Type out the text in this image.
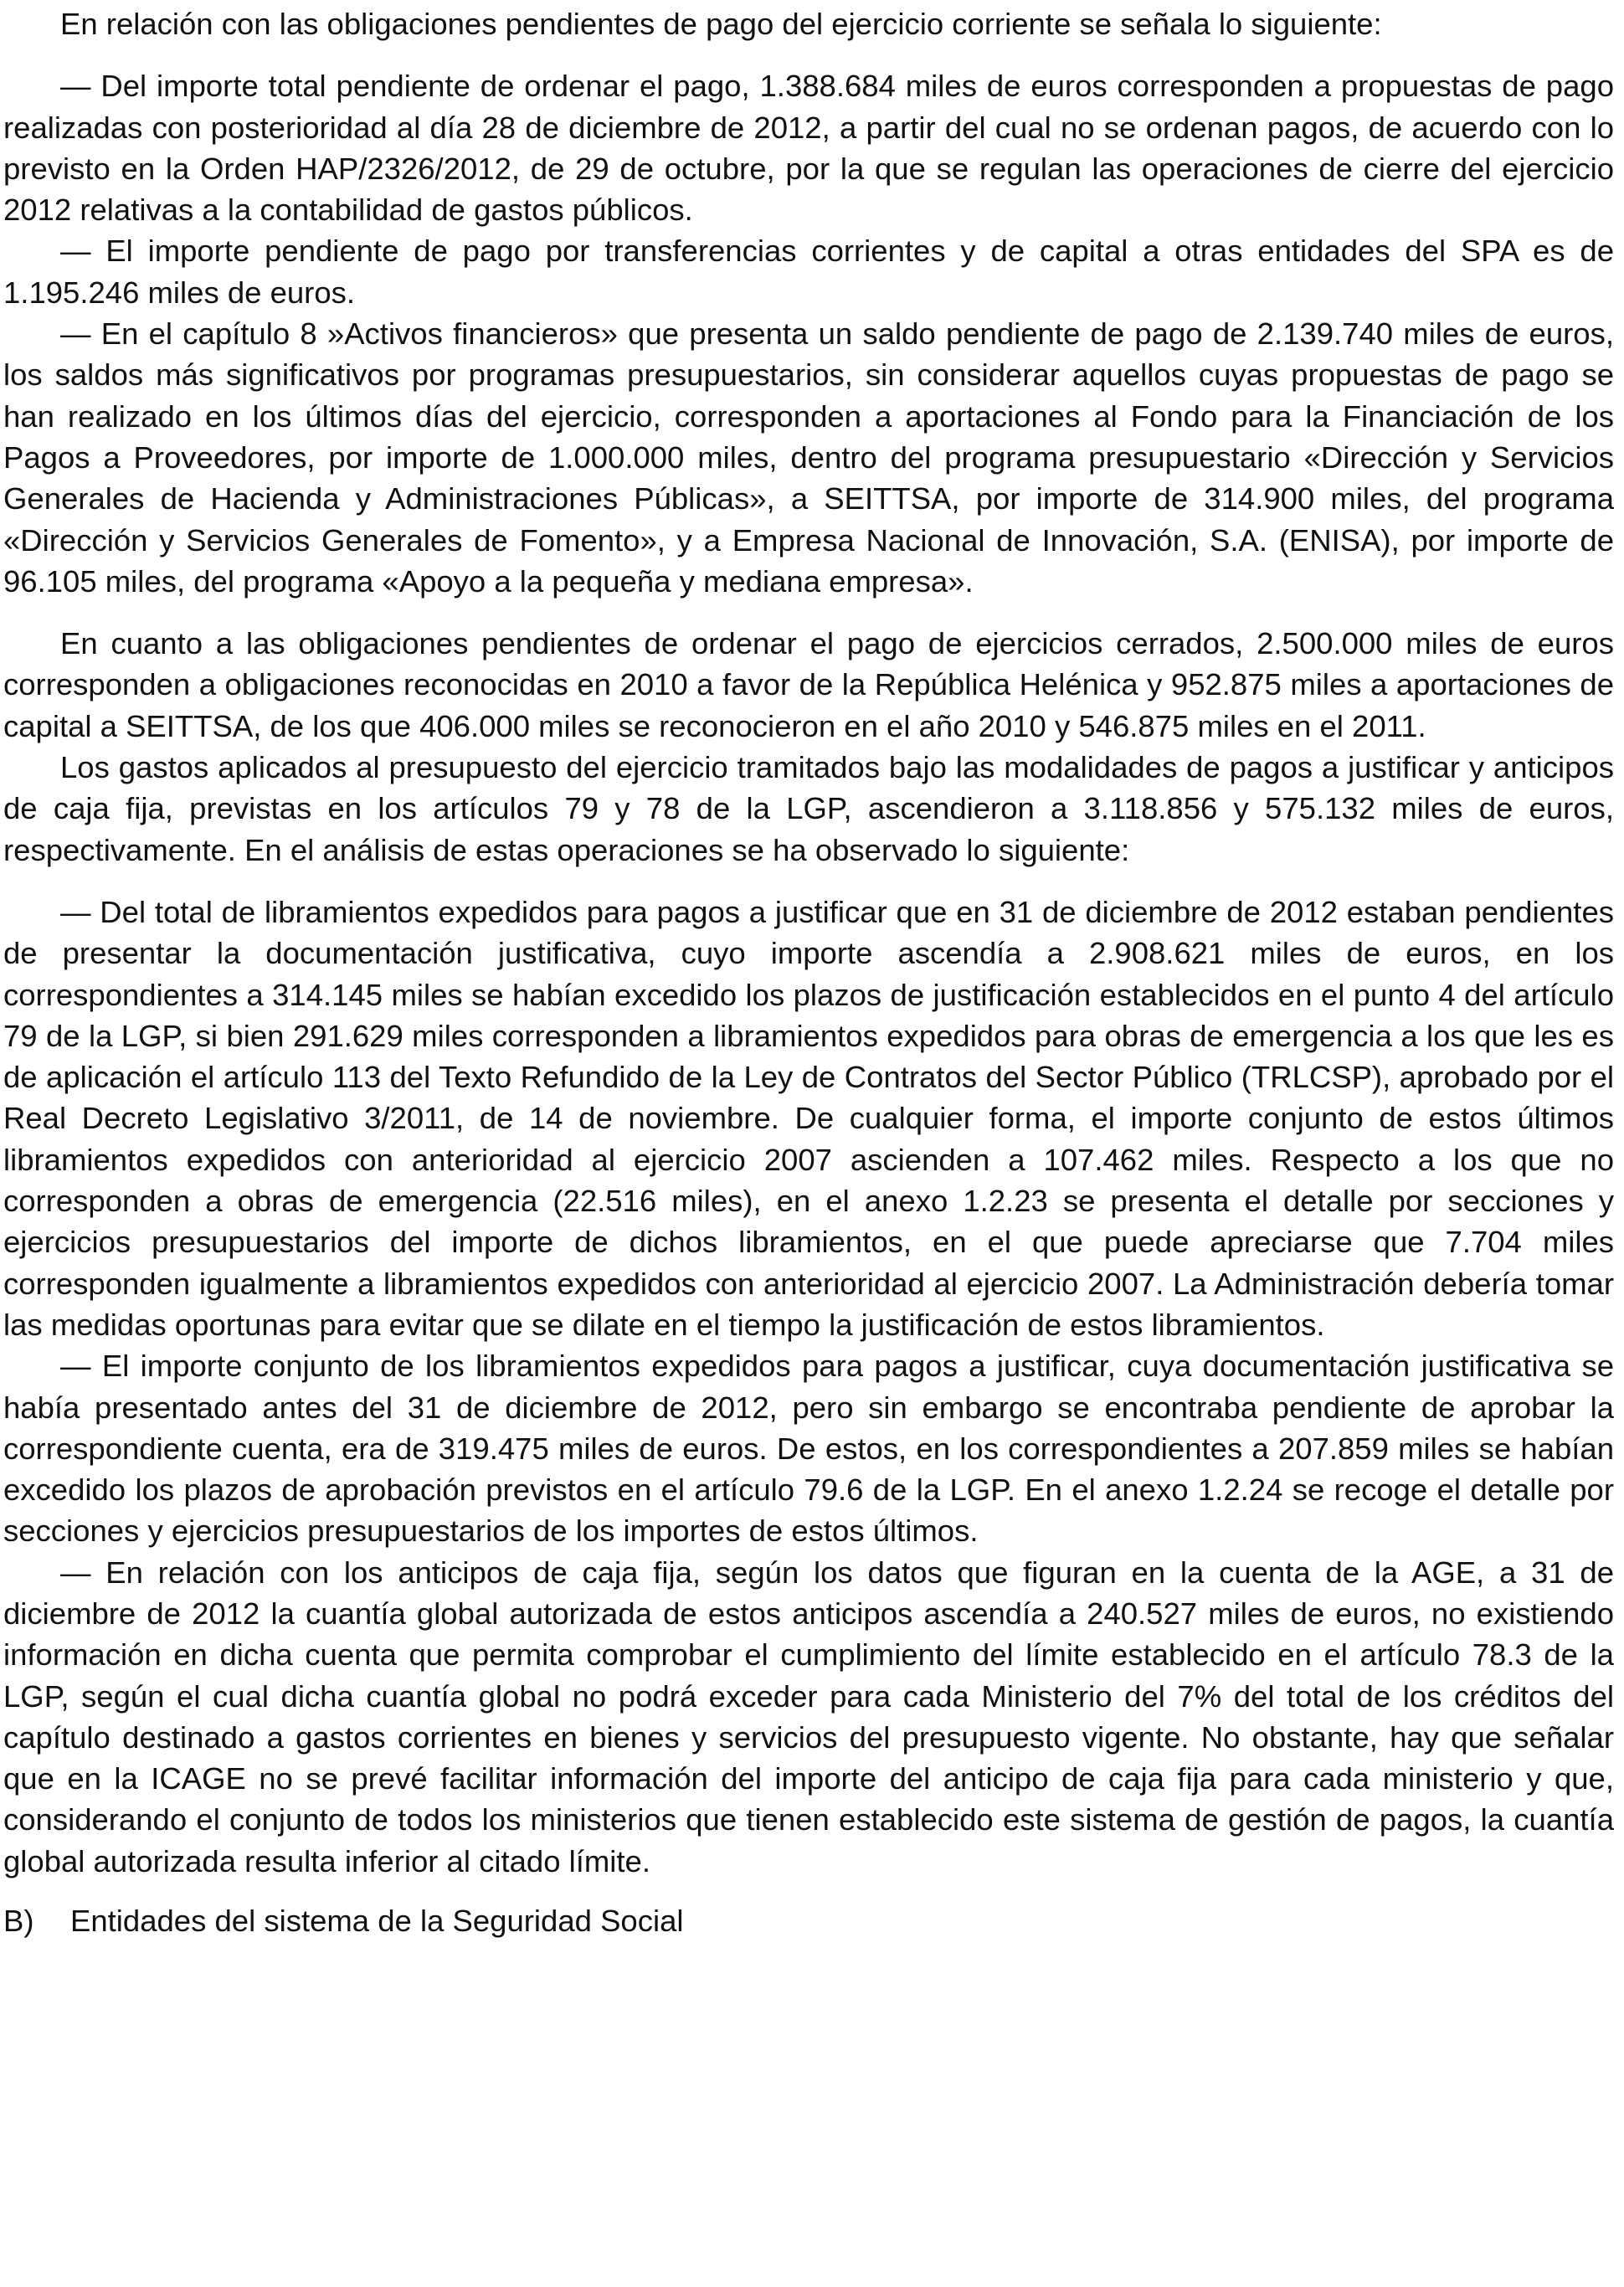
En relación con las obligaciones pendientes de pago del ejercicio corriente se señala lo siguiente:

— Del importe total pendiente de ordenar el pago, 1.388.684 miles de euros corresponden a propuestas de pago realizadas con posterioridad al día 28 de diciembre de 2012, a partir del cual no se ordenan pagos, de acuerdo con lo previsto en la Orden HAP/2326/2012, de 29 de octubre, por la que se regulan las operaciones de cierre del ejercicio 2012 relativas a la contabilidad de gastos públicos.

— El importe pendiente de pago por transferencias corrientes y de capital a otras entidades del SPA es de 1.195.246 miles de euros.

— En el capítulo 8 »Activos financieros» que presenta un saldo pendiente de pago de 2.139.740 miles de euros, los saldos más significativos por programas presupuestarios, sin considerar aquellos cuyas propuestas de pago se han realizado en los últimos días del ejercicio, corresponden a aportaciones al Fondo para la Financiación de los Pagos a Proveedores, por importe de 1.000.000 miles, dentro del programa presupuestario «Dirección y Servicios Generales de Hacienda y Administraciones Públicas», a SEITTSA, por importe de 314.900 miles, del programa «Dirección y Servicios Generales de Fomento», y a Empresa Nacional de Innovación, S.A. (ENISA), por importe de 96.105 miles, del programa «Apoyo a la pequeña y mediana empresa».

En cuanto a las obligaciones pendientes de ordenar el pago de ejercicios cerrados, 2.500.000 miles de euros corresponden a obligaciones reconocidas en 2010 a favor de la República Helénica y 952.875 miles a aportaciones de capital a SEITTSA, de los que 406.000 miles se reconocieron en el año 2010 y 546.875 miles en el 2011.

Los gastos aplicados al presupuesto del ejercicio tramitados bajo las modalidades de pagos a justificar y anticipos de caja fija, previstas en los artículos 79 y 78 de la LGP, ascendieron a 3.118.856 y 575.132 miles de euros, respectivamente. En el análisis de estas operaciones se ha observado lo siguiente:

— Del total de libramientos expedidos para pagos a justificar que en 31 de diciembre de 2012 estaban pendientes de presentar la documentación justificativa, cuyo importe ascendía a 2.908.621 miles de euros, en los correspondientes a 314.145 miles se habían excedido los plazos de justificación establecidos en el punto 4 del artículo 79 de la LGP, si bien 291.629 miles corresponden a libramientos expedidos para obras de emergencia a los que les es de aplicación el artículo 113 del Texto Refundido de la Ley de Contratos del Sector Público (TRLCSP), aprobado por el Real Decreto Legislativo 3/2011, de 14 de noviembre. De cualquier forma, el importe conjunto de estos últimos libramientos expedidos con anterioridad al ejercicio 2007 ascienden a 107.462 miles. Respecto a los que no corresponden a obras de emergencia (22.516 miles), en el anexo 1.2.23 se presenta el detalle por secciones y ejercicios presupuestarios del importe de dichos libramientos, en el que puede apreciarse que 7.704 miles corresponden igualmente a libramientos expedidos con anterioridad al ejercicio 2007. La Administración debería tomar las medidas oportunas para evitar que se dilate en el tiempo la justificación de estos libramientos.

— El importe conjunto de los libramientos expedidos para pagos a justificar, cuya documentación justificativa se había presentado antes del 31 de diciembre de 2012, pero sin embargo se encontraba pendiente de aprobar la correspondiente cuenta, era de 319.475 miles de euros. De estos, en los correspondientes a 207.859 miles se habían excedido los plazos de aprobación previstos en el artículo 79.6 de la LGP. En el anexo 1.2.24 se recoge el detalle por secciones y ejercicios presupuestarios de los importes de estos últimos.

— En relación con los anticipos de caja fija, según los datos que figuran en la cuenta de la AGE, a 31 de diciembre de 2012 la cuantía global autorizada de estos anticipos ascendía a 240.527 miles de euros, no existiendo información en dicha cuenta que permita comprobar el cumplimiento del límite establecido en el artículo 78.3 de la LGP, según el cual dicha cuantía global no podrá exceder para cada Ministerio del 7% del total de los créditos del capítulo destinado a gastos corrientes en bienes y servicios del presupuesto vigente. No obstante, hay que señalar que en la ICAGE no se prevé facilitar información del importe del anticipo de caja fija para cada ministerio y que, considerando el conjunto de todos los ministerios que tienen establecido este sistema de gestión de pagos, la cuantía global autorizada resulta inferior al citado límite.

B) Entidades del sistema de la Seguridad Social
